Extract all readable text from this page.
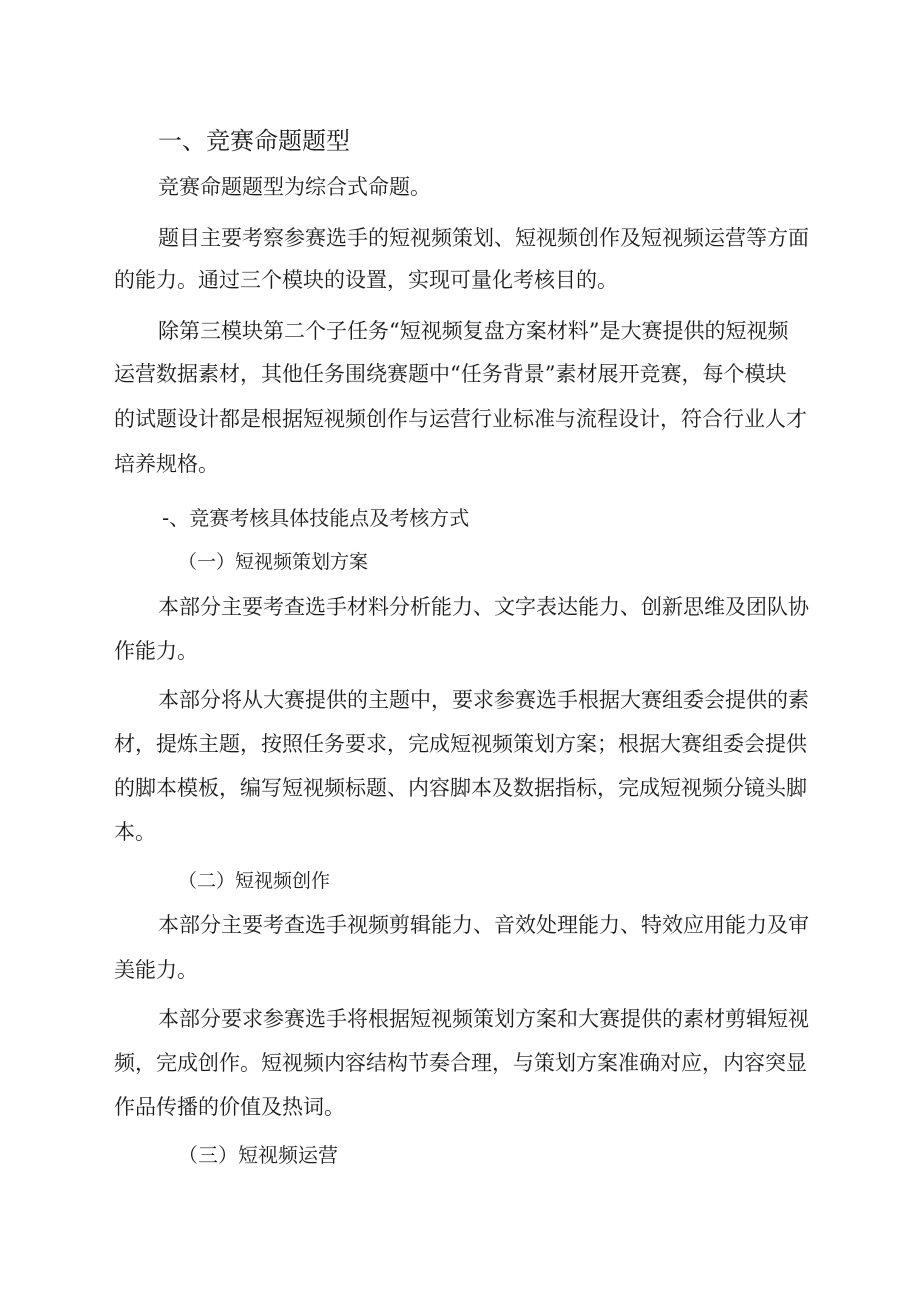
一、竞赛命题题型
竞赛命题题型为综合式命题。
题目主要考察参赛选手的短视频策划、短视频创作及短视频运营等方面
的能力。通过三个模块的设置，实现可量化考核目的。
除第三模块第二个子任务“短视频复盘方案材料”是大赛提供的短视频
运营数据素材，其他任务围绕赛题中“任务背景”素材展开竞赛，每个模块
的试题设计都是根据短视频创作与运营行业标准与流程设计，符合行业人才
培养规格。
-、竞赛考核具体技能点及考核方式
（一）短视频策划方案
本部分主要考查选手材料分析能力、文字表达能力、创新思维及团队协
作能力。
本部分将从大赛提供的主题中，要求参赛选手根据大赛组委会提供的素
材，提炼主题，按照任务要求，完成短视频策划方案；根据大赛组委会提供
的脚本模板，编写短视频标题、内容脚本及数据指标，完成短视频分镜头脚
本。
（二）短视频创作
本部分主要考查选手视频剪辑能力、音效处理能力、特效应用能力及审
美能力。
本部分要求参赛选手将根据短视频策划方案和大赛提供的素材剪辑短视
频，完成创作。短视频内容结构节奏合理，与策划方案准确对应，内容突显
作品传播的价值及热词。
（三）短视频运营
